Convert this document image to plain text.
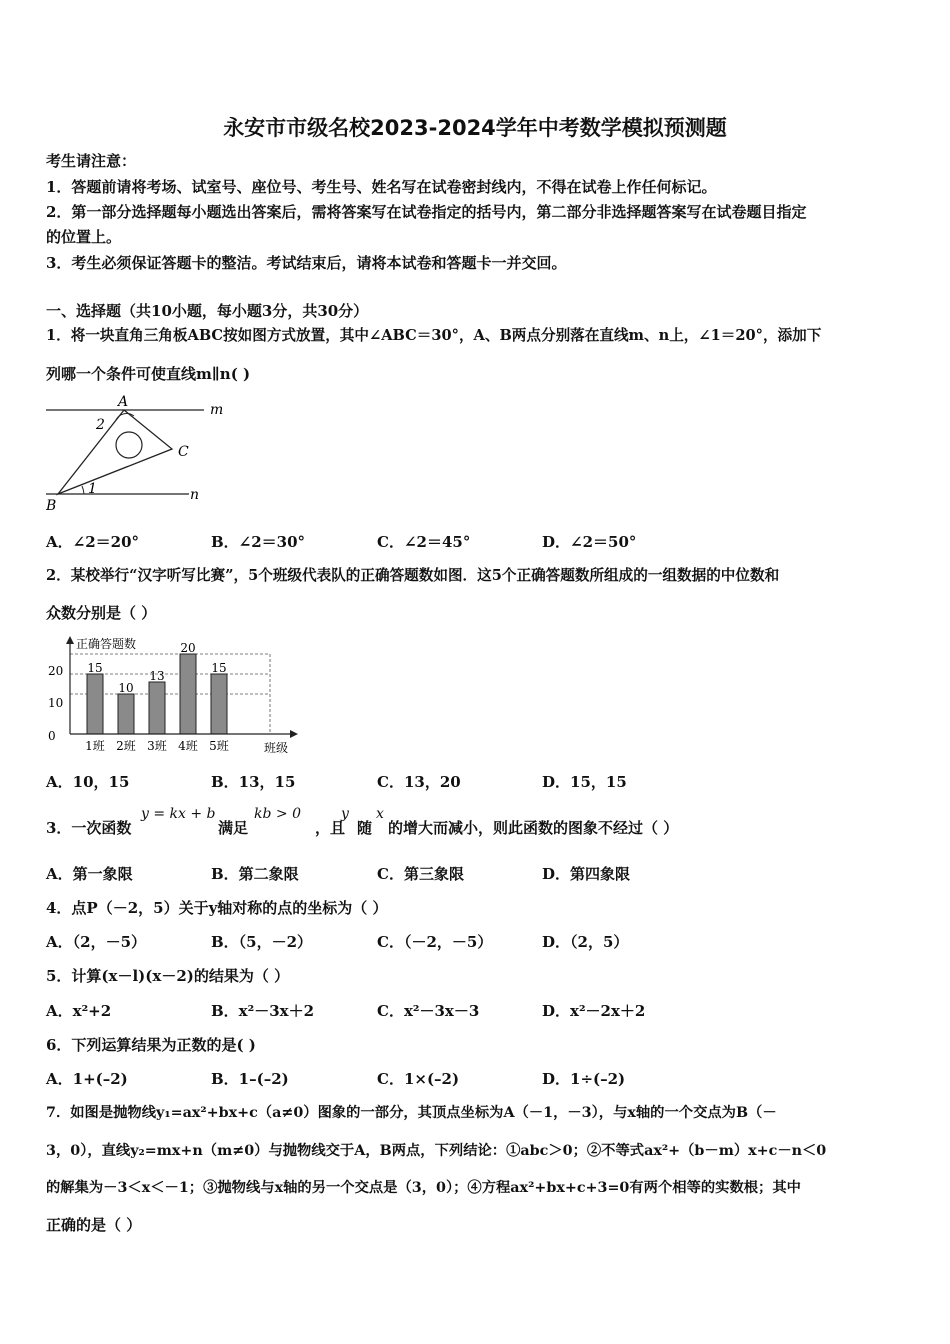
永安市市级名校2023-2024学年中考数学模拟预测题
考生请注意：
1．答题前请将考场、试室号、座位号、考生号、姓名写在试卷密封线内，不得在试卷上作任何标记。
2．第一部分选择题每小题选出答案后，需将答案写在试卷指定的括号内，第二部分非选择题答案写在试卷题目指定
的位置上。
3．考生必须保证答题卡的整洁。考试结束后，请将本试卷和答题卡一并交回。
一、选择题（共10小题，每小题3分，共30分）
1．将一块直角三角板ABC按如图方式放置，其中∠ABC＝30°，A、B两点分别落在直线m、n上，∠1＝20°，添加下
列哪一个条件可使直线m∥n( )
A
2
C
m
B
1	n
A．∠2＝20°	B．∠2＝30°	C．∠2＝45°	D．∠2＝50°
2．某校举行“汉字听写比赛”，5个班级代表队的正确答题数如图．这5个正确答题数所组成的一组数据的中位数和
众数分别是（ ）
15
1班
10
2班
13
3班
20
4班
15
5班
正确答题数
0
10
20
班级
A．10，15	B．13，15	C．13，20	D．15，15
3．一次函数
y = kx + b
满足
kb > 0
，且
y
随
x
的增大而减小，则此函数的图象不经过（ ）
A．第一象限	B．第二象限	C．第三象限	D．第四象限
4．点P（－2，5）关于y轴对称的点的坐标为（ ）
A．（2，－5）	B．（5，－2）	C．（－2，－5）	D．（2，5）
5．计算(x－l)(x－2)的结果为（ ）
A．x²+2	B．x²－3x＋2	C．x²－3x－3	D．x²－2x＋2
6．下列运算结果为正数的是( )
A．1+(–2)	B．1–(–2)	C．1×(–2)	D．1÷(–2)
7．如图是抛物线y₁=ax²+bx+c（a≠0）图象的一部分，其顶点坐标为A（－1，－3），与x轴的一个交点为B（－
3，0），直线y₂=mx+n（m≠0）与抛物线交于A，B两点，下列结论：①abc＞0；②不等式ax²+（b－m）x+c－n＜0
的解集为－3＜x＜－1；③抛物线与x轴的另一个交点是（3，0）；④方程ax²+bx+c+3=0有两个相等的实数根；其中
正确的是（ ）
